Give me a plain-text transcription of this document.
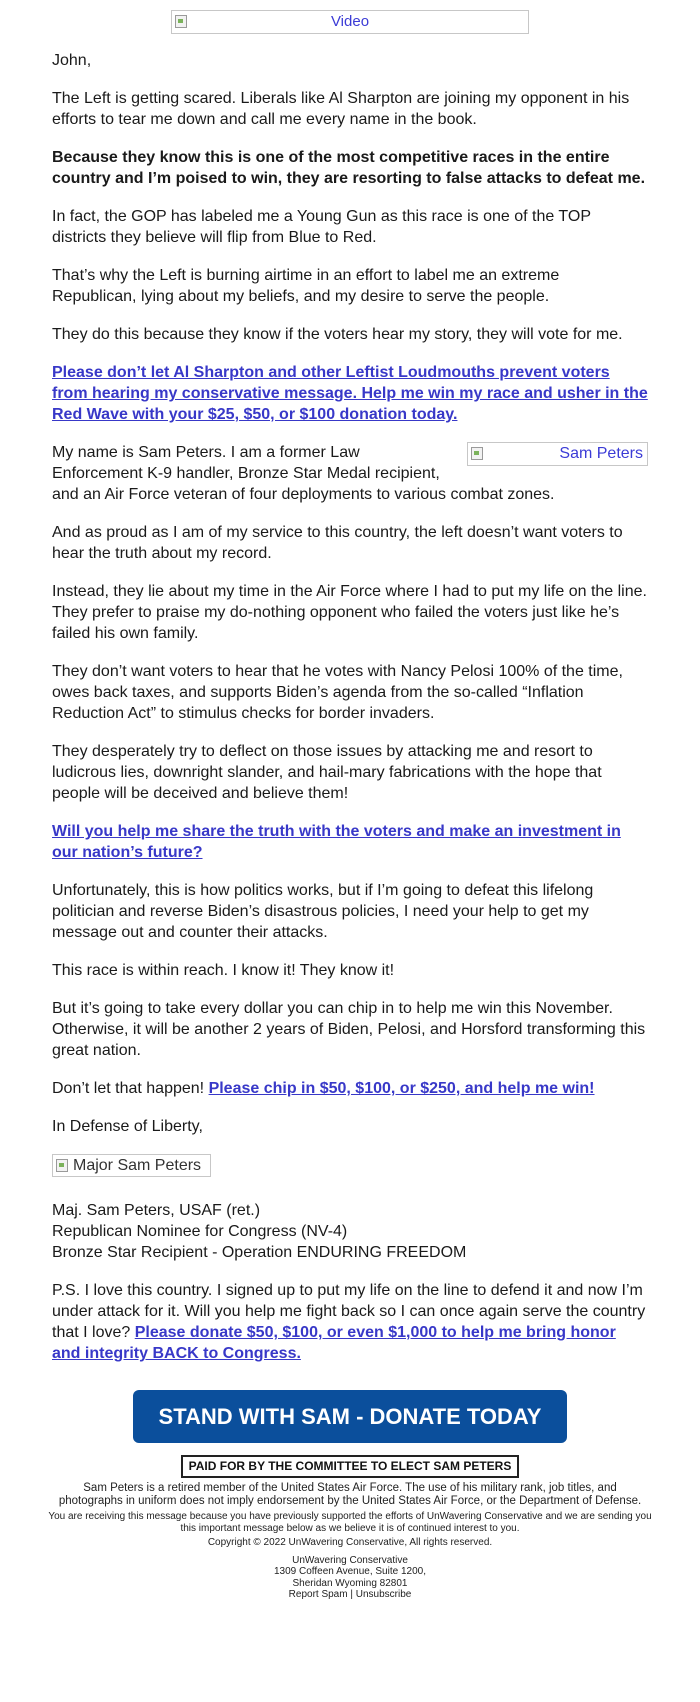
Video

John,

The Left is getting scared. Liberals like Al Sharpton are joining my opponent in his efforts to tear me down and call me every name in the book.

Because they know this is one of the most competitive races in the entire country and I’m poised to win, they are resorting to false attacks to defeat me.

In fact, the GOP has labeled me a Young Gun as this race is one of the TOP districts they believe will flip from Blue to Red.

That’s why the Left is burning airtime in an effort to label me an extreme Republican, lying about my beliefs, and my desire to serve the people.

They do this because they know if the voters hear my story, they will vote for me.

Please don’t let Al Sharpton and other Leftist Loudmouths prevent voters from hearing my conservative message. Help me win my race and usher in the Red Wave with your $25, $50, or $100 donation today.

Sam Peters
My name is Sam Peters. I am a former Law Enforcement K-9 handler, Bronze Star Medal recipient, and an Air Force veteran of four deployments to various combat zones.

And as proud as I am of my service to this country, the left doesn’t want voters to hear the truth about my record.

Instead, they lie about my time in the Air Force where I had to put my life on the line. They prefer to praise my do-nothing opponent who failed the voters just like he’s failed his own family.

They don’t want voters to hear that he votes with Nancy Pelosi 100% of the time, owes back taxes, and supports Biden’s agenda from the so-called “Inflation Reduction Act” to stimulus checks for border invaders.

They desperately try to deflect on those issues by attacking me and resort to ludicrous lies, downright slander, and hail-mary fabrications with the hope that people will be deceived and believe them!

Will you help me share the truth with the voters and make an investment in our nation’s future?

Unfortunately, this is how politics works, but if I’m going to defeat this lifelong politician and reverse Biden’s disastrous policies, I need your help to get my message out and counter their attacks.

This race is within reach. I know it! They know it!

But it’s going to take every dollar you can chip in to help me win this November. Otherwise, it will be another 2 years of Biden, Pelosi, and Horsford transforming this great nation.

Don’t let that happen! Please chip in $50, $100, or $250, and help me win!

In Defense of Liberty,

Major Sam Peters

Maj. Sam Peters, USAF (ret.)
Republican Nominee for Congress (NV-4)
Bronze Star Recipient - Operation ENDURING FREEDOM

P.S. I love this country. I signed up to put my life on the line to defend it and now I’m under attack for it. Will you help me fight back so I can once again serve the country that I love? Please donate $50, $100, or even $1,000 to help me bring honor and integrity BACK to Congress.

STAND WITH SAM - DONATE TODAY
PAID FOR BY THE COMMITTEE TO ELECT SAM PETERS
Sam Peters is a retired member of the United States Air Force. The use of his military rank, job titles, and photographs in uniform does not imply endorsement by the United States Air Force, or the Department of Defense.
You are receiving this message because you have previously supported the efforts of UnWavering Conservative and we are sending you this important message below as we believe it is of continued interest to you.
Copyright © 2022 UnWavering Conservative, All rights reserved.
UnWavering Conservative
1309 Coffeen Avenue, Suite 1200,
Sheridan Wyoming 82801
Report Spam | Unsubscribe
